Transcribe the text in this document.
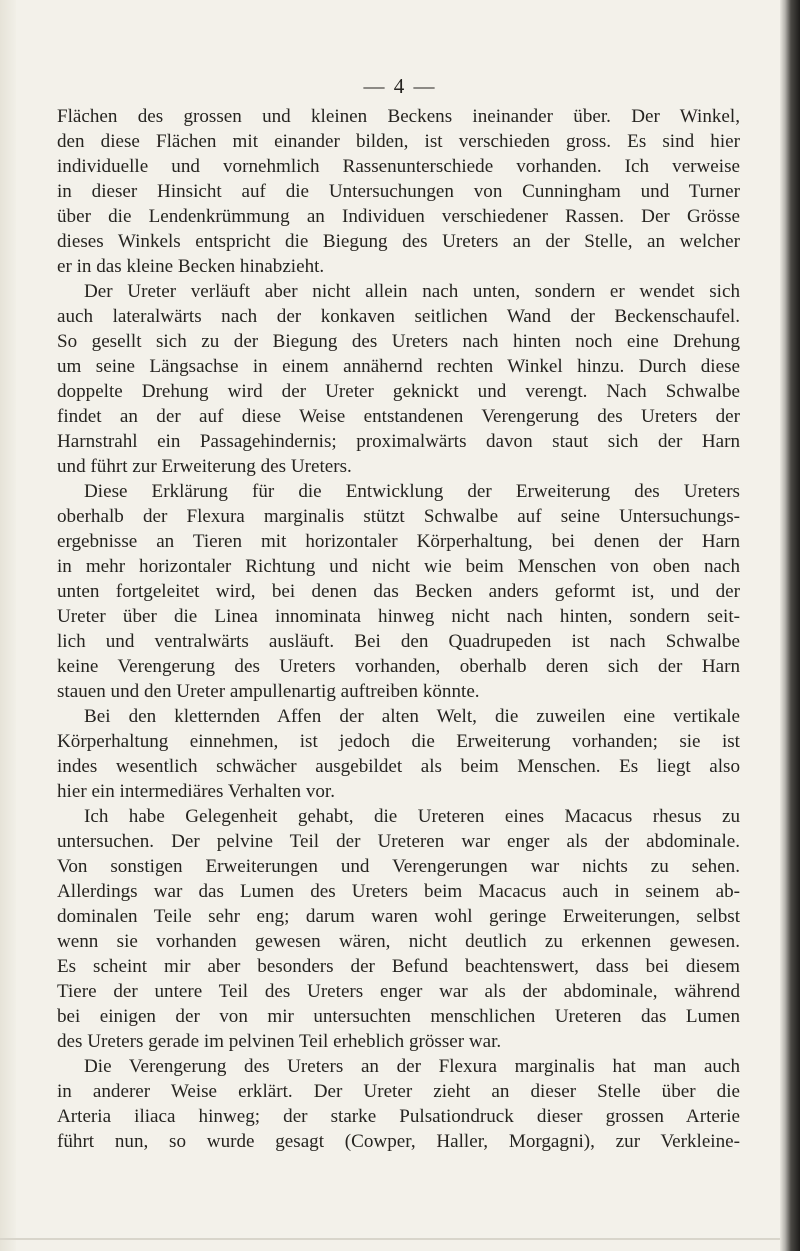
— 4 —
Flächen des grossen und kleinen Beckens ineinander über. Der Winkel,
den diese Flächen mit einander bilden, ist verschieden gross. Es sind hier
individuelle und vornehmlich Rassenunterschiede vorhanden. Ich verweise
in dieser Hinsicht auf die Untersuchungen von Cunningham und Turner
über die Lendenkrümmung an Individuen verschiedener Rassen. Der Grösse
dieses Winkels entspricht die Biegung des Ureters an der Stelle, an welcher
er in das kleine Becken hinabzieht.
Der Ureter verläuft aber nicht allein nach unten, sondern er wendet sich
auch lateralwärts nach der konkaven seitlichen Wand der Beckenschaufel.
So gesellt sich zu der Biegung des Ureters nach hinten noch eine Drehung
um seine Längsachse in einem annähernd rechten Winkel hinzu. Durch diese
doppelte Drehung wird der Ureter geknickt und verengt. Nach Schwalbe
findet an der auf diese Weise entstandenen Verengerung des Ureters der
Harnstrahl ein Passagehindernis; proximalwärts davon staut sich der Harn
und führt zur Erweiterung des Ureters.
Diese Erklärung für die Entwicklung der Erweiterung des Ureters
oberhalb der Flexura marginalis stützt Schwalbe auf seine Untersuchungs-
ergebnisse an Tieren mit horizontaler Körperhaltung, bei denen der Harn
in mehr horizontaler Richtung und nicht wie beim Menschen von oben nach
unten fortgeleitet wird, bei denen das Becken anders geformt ist, und der
Ureter über die Linea innominata hinweg nicht nach hinten, sondern seit-
lich und ventralwärts ausläuft. Bei den Quadrupeden ist nach Schwalbe
keine Verengerung des Ureters vorhanden, oberhalb deren sich der Harn
stauen und den Ureter ampullenartig auftreiben könnte.
Bei den kletternden Affen der alten Welt, die zuweilen eine vertikale
Körperhaltung einnehmen, ist jedoch die Erweiterung vorhanden; sie ist
indes wesentlich schwächer ausgebildet als beim Menschen. Es liegt also
hier ein intermediäres Verhalten vor.
Ich habe Gelegenheit gehabt, die Ureteren eines Macacus rhesus zu
untersuchen. Der pelvine Teil der Ureteren war enger als der abdominale.
Von sonstigen Erweiterungen und Verengerungen war nichts zu sehen.
Allerdings war das Lumen des Ureters beim Macacus auch in seinem ab-
dominalen Teile sehr eng; darum waren wohl geringe Erweiterungen, selbst
wenn sie vorhanden gewesen wären, nicht deutlich zu erkennen gewesen.
Es scheint mir aber besonders der Befund beachtenswert, dass bei diesem
Tiere der untere Teil des Ureters enger war als der abdominale, während
bei einigen der von mir untersuchten menschlichen Ureteren das Lumen
des Ureters gerade im pelvinen Teil erheblich grösser war.
Die Verengerung des Ureters an der Flexura marginalis hat man auch
in anderer Weise erklärt. Der Ureter zieht an dieser Stelle über die
Arteria iliaca hinweg; der starke Pulsationdruck dieser grossen Arterie
führt nun, so wurde gesagt (Cowper, Haller, Morgagni), zur Verkleine-
